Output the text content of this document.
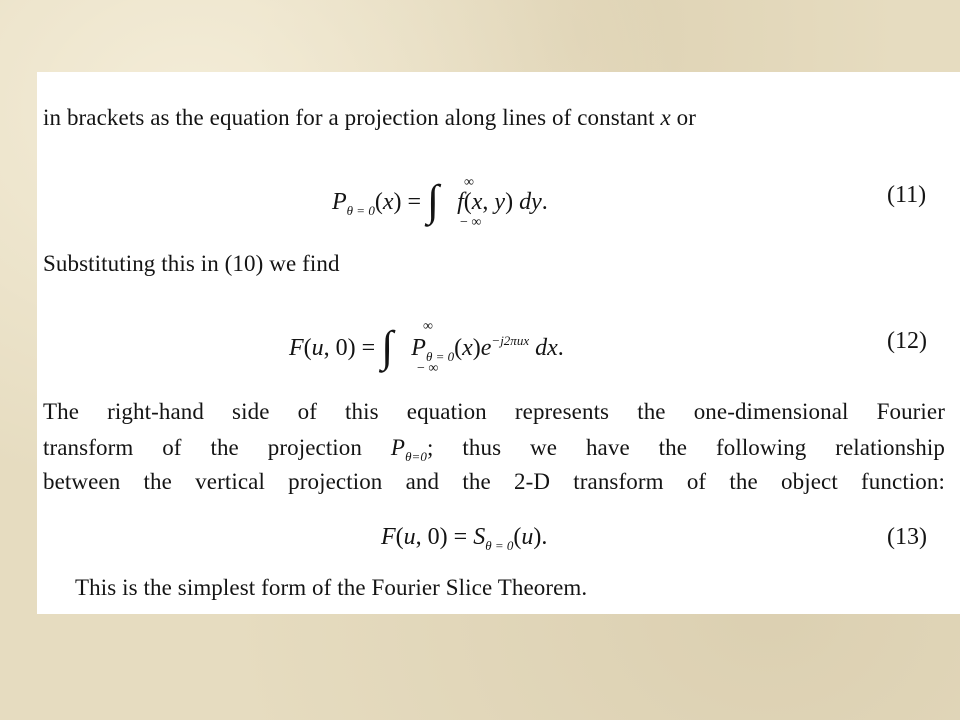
in brackets as the equation for a projection along lines of constant x or

$P_{\theta = 0}(x)$ = ∫ ∞
− ∞
f(x, y) dy.	(11)

Substituting this in (10) we find

F(u, 0) = ∫ ∞
− ∞
$P_{\theta = 0}(x)e^{-j2\pi ux}$ dx.	(12)

The right-hand side of this equation represents the one-dimensional Fourier

transform of the projection $P_{\theta=0}$; thus we have the following relationship

between the vertical projection and the 2-D transform of the object function:

F(u, $0) = S_{\theta = 0}(u)$.	(13)

This is the simplest form of the Fourier Slice Theorem.
